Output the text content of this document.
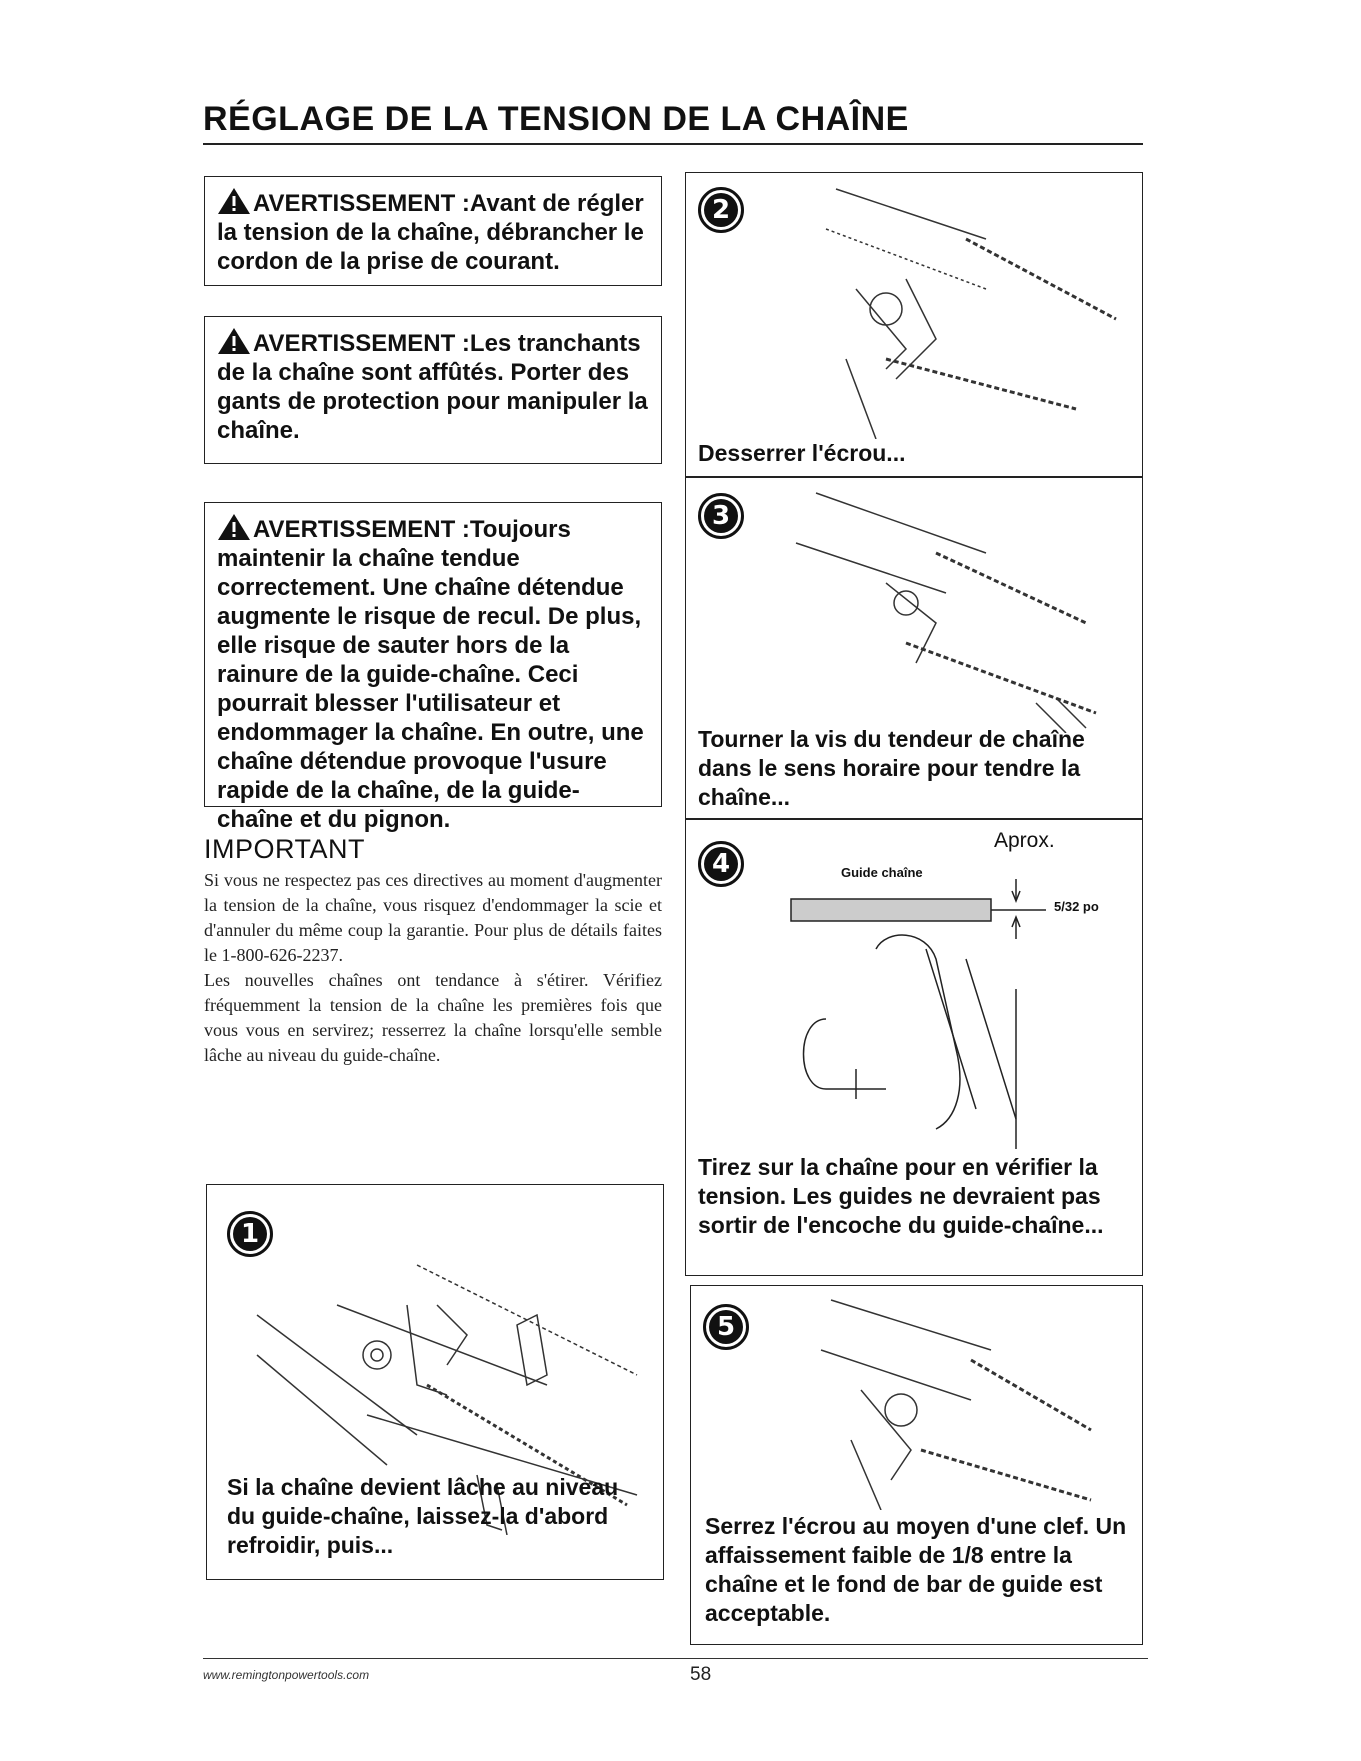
RÉGLAGE DE LA TENSION DE LA CHAÎNE
AVERTISSEMENT :Avant de régler la tension de la chaîne, débrancher le cordon de la prise de courant.
AVERTISSEMENT :Les tranchants de la chaîne sont affûtés. Porter des gants de protection pour manipuler la chaîne.
AVERTISSEMENT :Toujours maintenir la chaîne tendue correctement. Une chaîne détendue augmente le risque de recul. De plus, elle risque de sauter hors de la rainure de la guide-chaîne. Ceci pourrait blesser l'utilisateur et endommager la chaîne. En outre, une chaîne détendue provoque l'usure rapide de la chaîne, de la guide-chaîne et du pignon.
IMPORTANT

Si vous ne respectez pas ces directives au moment d'augmenter la tension de la chaîne, vous risquez d'endommager la scie et d'annuler du même coup la garantie. Pour plus de détails faites le 1-800-626-2237.

Les nouvelles chaînes ont tendance à s'étirer. Vérifiez fréquemment la tension de la chaîne les premières fois que vous vous en servirez; resserrez la chaîne lorsqu'elle semble lâche au niveau du guide-chaîne.

1
Si la chaîne devient lâche au niveau du guide-chaîne, laissez-la d'abord refroidir, puis...
2
Desserrer l'écrou...
3
Tourner la vis du tendeur de chaîne dans le sens horaire pour tendre la chaîne...
4	Guide chaîne
Aprox.
5/32 po
Tirez sur la chaîne pour en vérifier la tension. Les guides ne devraient pas sortir de l'encoche du guide-chaîne...
5
Serrez l'écrou au moyen d'une clef. Un affaissement faible de 1/8 entre la chaîne et le fond de bar de guide est acceptable.
www.remingtonpowertools.com	58
